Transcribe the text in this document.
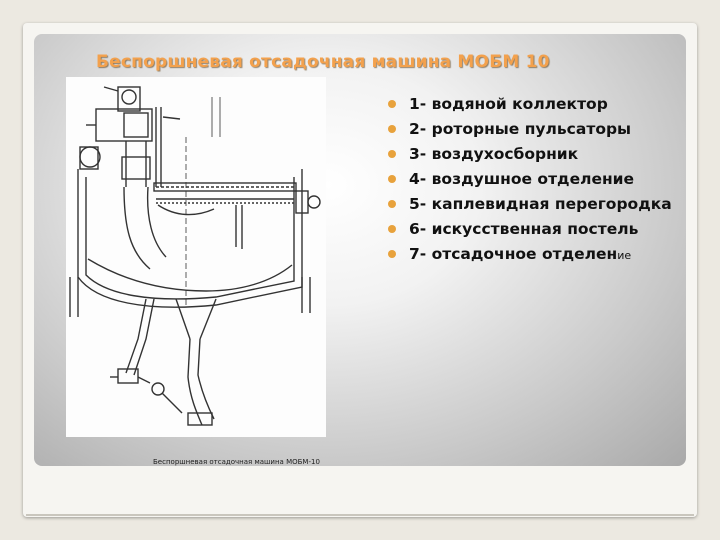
Беспоршневая отсадочная машина МОБМ 10
Беспоршневая отсадочная машина МОБМ-10
1- водяной коллектор
2- роторные пульсаторы
3- воздухосборник
4- воздушное отделение
5- каплевидная перегородка
6- искусственная постель
7- отсадочное отделение
